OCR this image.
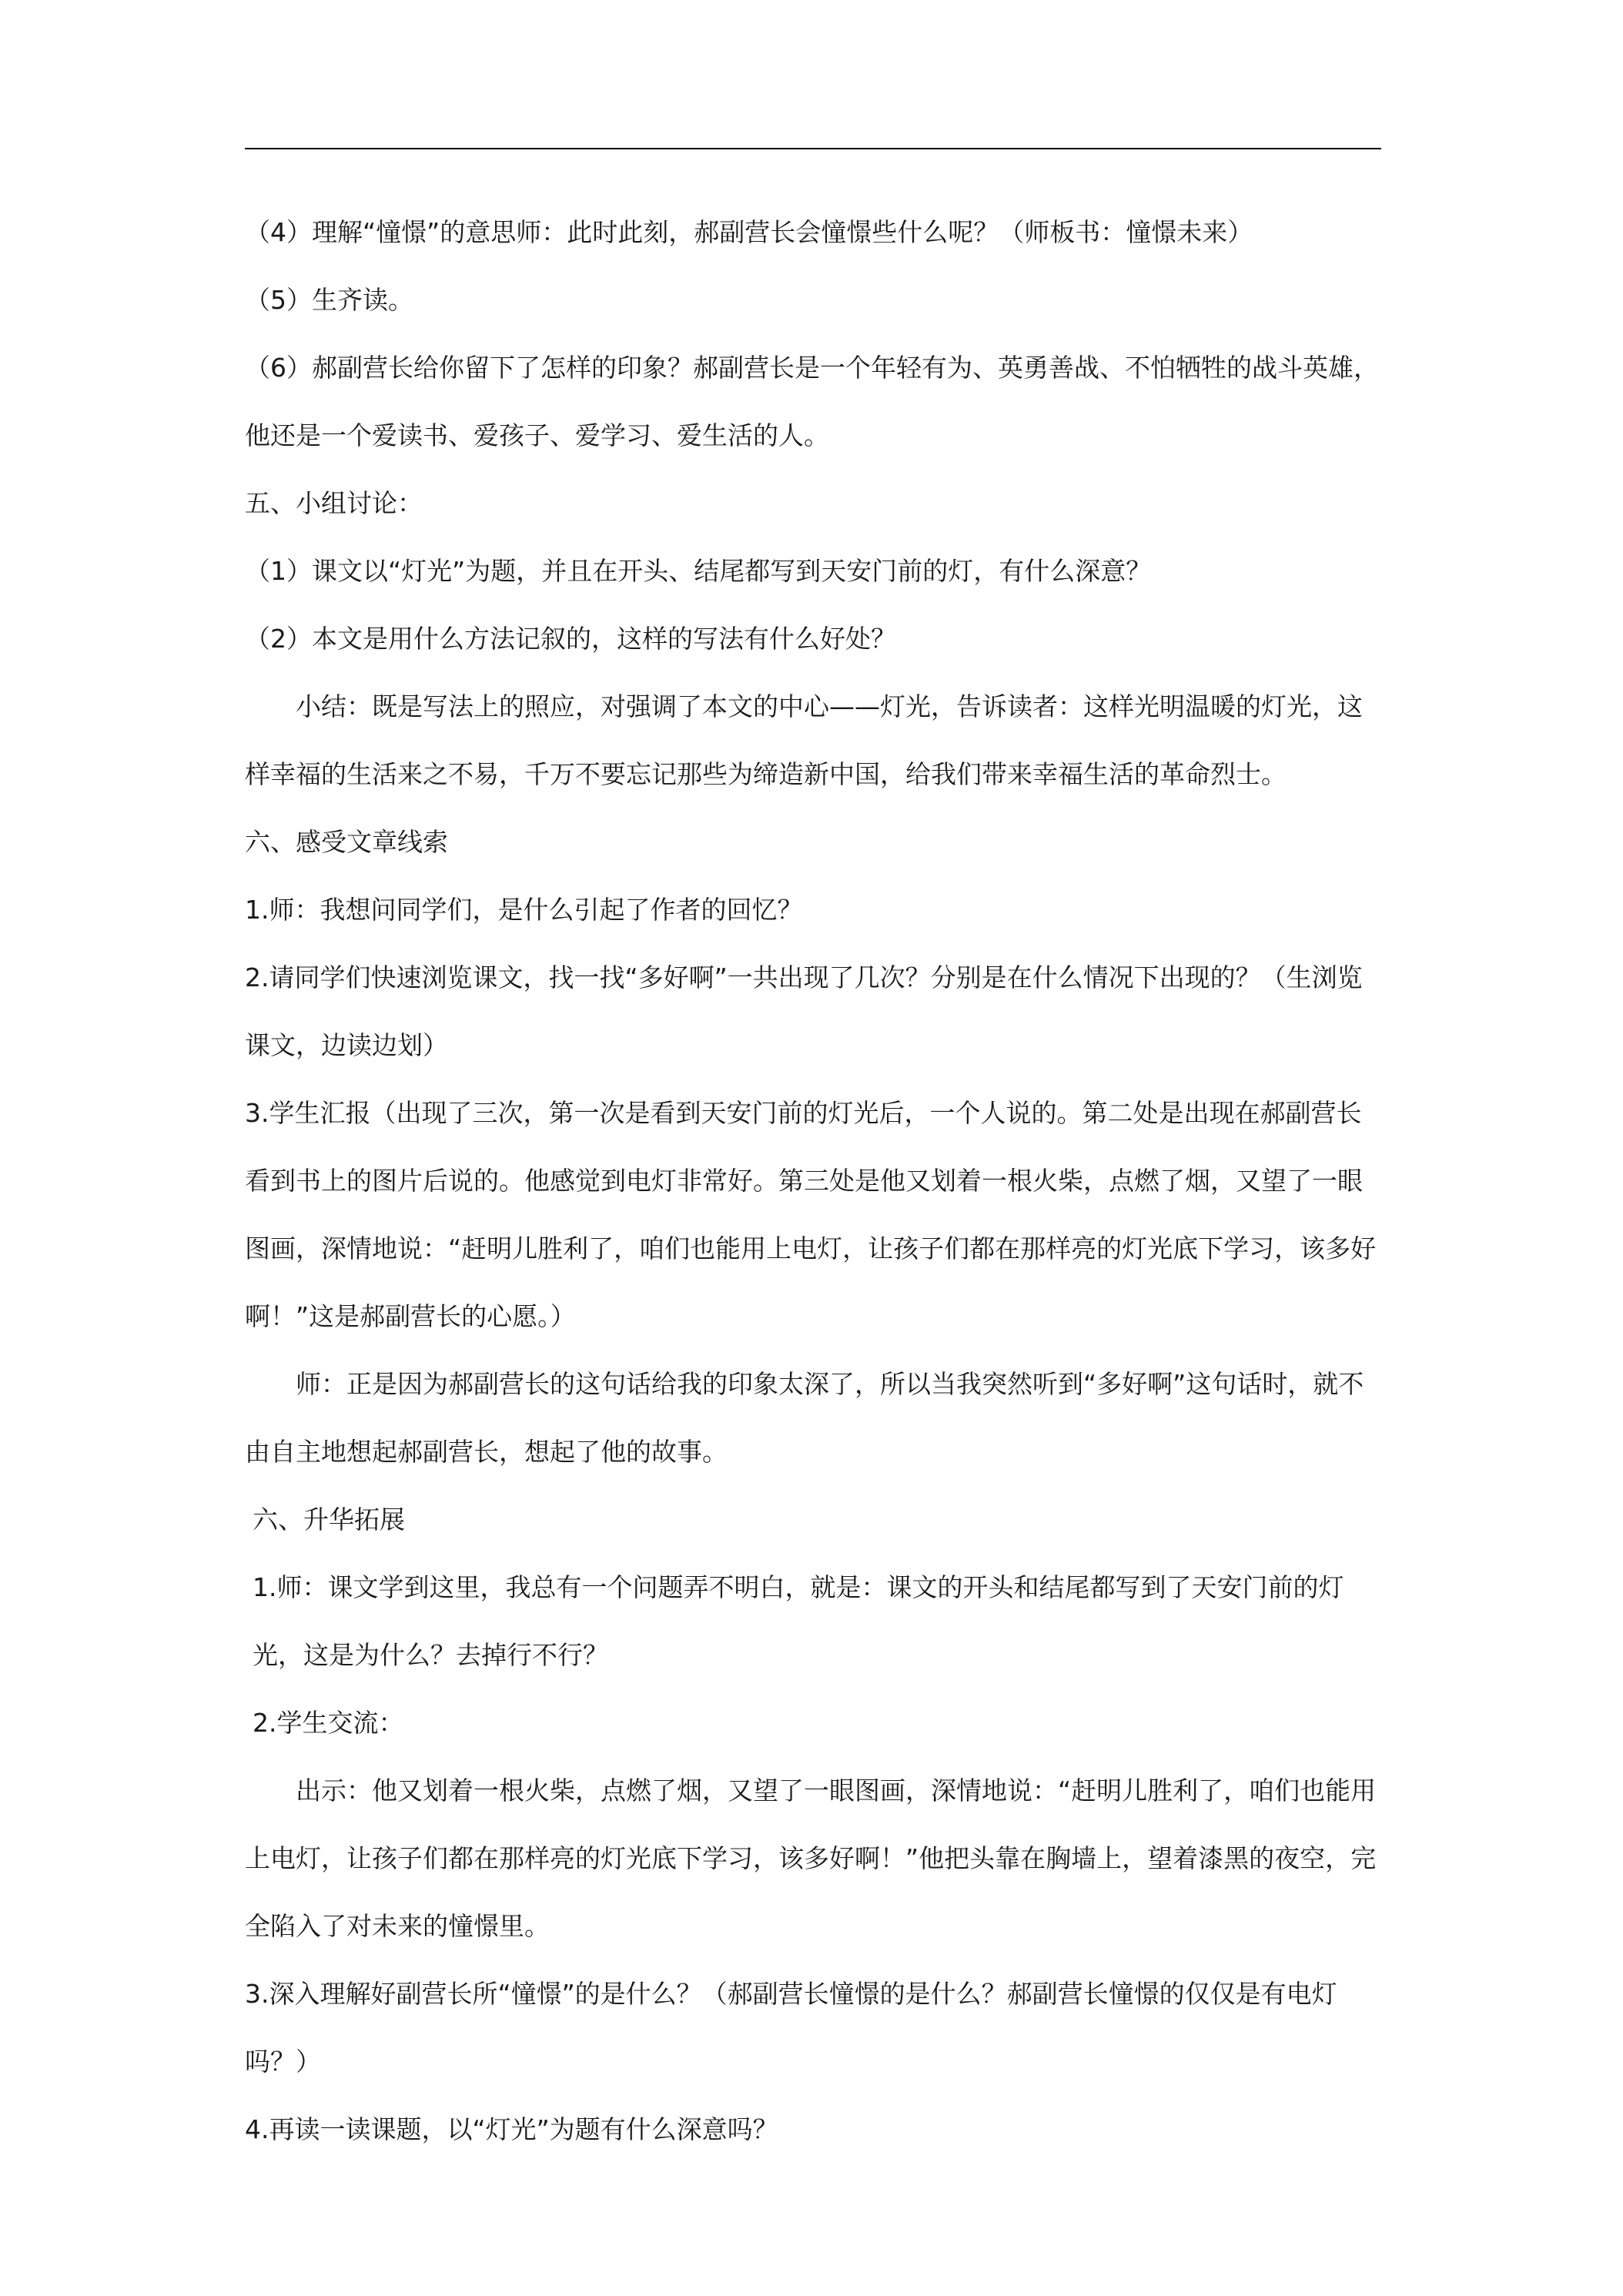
（4）理解“憧憬”的意思师：此时此刻，郝副营长会憧憬些什么呢？（师板书：憧憬未来）

（5）生齐读。

（6）郝副营长给你留下了怎样的印象？郝副营长是一个年轻有为、英勇善战、不怕牺牲的战斗英雄，他还是一个爱读书、爱孩子、爱学习、爱生活的人。

五、小组讨论：

（1）课文以“灯光”为题，并且在开头、结尾都写到天安门前的灯，有什么深意？

（2）本文是用什么方法记叙的，这样的写法有什么好处？

小结：既是写法上的照应，对强调了本文的中心——灯光，告诉读者：这样光明温暖的灯光，这样幸福的生活来之不易，千万不要忘记那些为缔造新中国，给我们带来幸福生活的革命烈士。

六、感受文章线索

1.师：我想问同学们，是什么引起了作者的回忆？

2.请同学们快速浏览课文，找一找“多好啊”一共出现了几次？分别是在什么情况下出现的？（生浏览课文，边读边划）

3.学生汇报（出现了三次，第一次是看到天安门前的灯光后，一个人说的。第二处是出现在郝副营长看到书上的图片后说的。他感觉到电灯非常好。第三处是他又划着一根火柴，点燃了烟，又望了一眼图画，深情地说：“赶明儿胜利了，咱们也能用上电灯，让孩子们都在那样亮的灯光底下学习，该多好啊！”这是郝副营长的心愿。）

师：正是因为郝副营长的这句话给我的印象太深了，所以当我突然听到“多好啊”这句话时，就不由自主地想起郝副营长，想起了他的故事。

六、升华拓展

1.师：课文学到这里，我总有一个问题弄不明白，就是：课文的开头和结尾都写到了天安门前的灯光，这是为什么？去掉行不行？

2.学生交流：

出示：他又划着一根火柴，点燃了烟，又望了一眼图画，深情地说：“赶明儿胜利了，咱们也能用上电灯，让孩子们都在那样亮的灯光底下学习，该多好啊！”他把头靠在胸墙上，望着漆黑的夜空，完全陷入了对未来的憧憬里。

3.深入理解好副营长所“憧憬”的是什么？（郝副营长憧憬的是什么？郝副营长憧憬的仅仅是有电灯吗？）

4.再读一读课题，以“灯光”为题有什么深意吗？
